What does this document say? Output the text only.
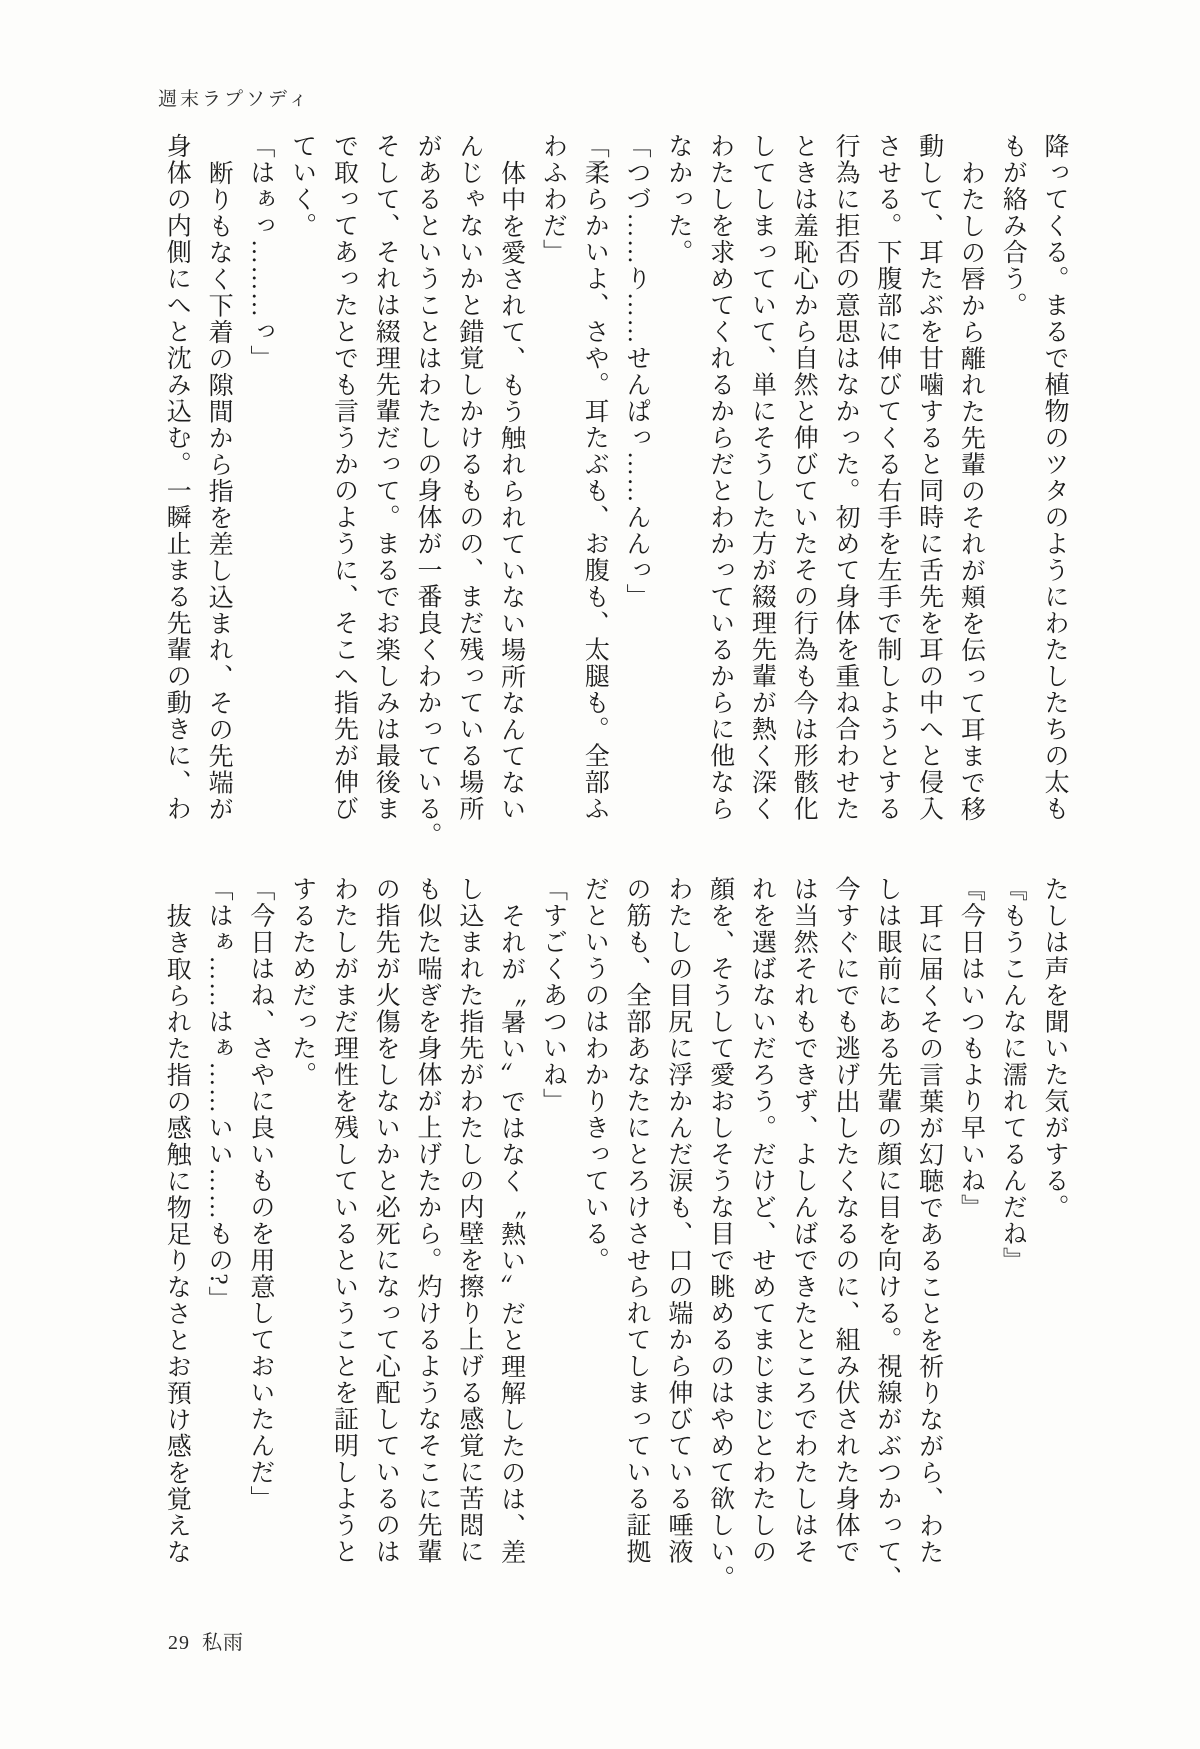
週末ラプソディ
降ってくる。まるで植物のツタのようにわたしたちの太も
もが絡み合う。
わたしの唇から離れた先輩のそれが頬を伝って耳まで移
動して、耳たぶを甘噛すると同時に舌先を耳の中へと侵入
させる。下腹部に伸びてくる右手を左手で制しようとする
行為に拒否の意思はなかった。初めて身体を重ね合わせた
ときは羞恥心から自然と伸びていたその行為も今は形骸化
してしまっていて、単にそうした方が綴理先輩が熱く深く
わたしを求めてくれるからだとわかっているからに他なら
なかった。
「つづ……り……せんぱっ……んんっ」
「柔らかいよ、さや。耳たぶも、お腹も、太腿も。全部ふ
わふわだ」
体中を愛されて、もう触れられていない場所なんてない
んじゃないかと錯覚しかけるものの、まだ残っている場所
があるということはわたしの身体が一番良くわかっている。
そして、それは綴理先輩だって。まるでお楽しみは最後ま
で取ってあったとでも言うかのように、そこへ指先が伸び
ていく。
「はぁっ………っ」
断りもなく下着の隙間から指を差し込まれ、その先端が
身体の内側にへと沈み込む。一瞬止まる先輩の動きに、わ
たしは声を聞いた気がする。
『もうこんなに濡れてるんだね』
『今日はいつもより早いね』
耳に届くその言葉が幻聴であることを祈りながら、わた
しは眼前にある先輩の顔に目を向ける。視線がぶつかって、
今すぐにでも逃げ出したくなるのに、組み伏された身体で
は当然それもできず、よしんばできたところでわたしはそ
れを選ばないだろう。だけど、せめてまじまじとわたしの
顔を、そうして愛おしそうな目で眺めるのはやめて欲しい。
わたしの目尻に浮かんだ涙も、口の端から伸びている唾液
の筋も、全部あなたにとろけさせられてしまっている証拠
だというのはわかりきっている。
「すごくあついね」
それが〝暑い〟ではなく〝熱い〟だと理解したのは、差
し込まれた指先がわたしの内壁を擦り上げる感覚に苦悶に
も似た喘ぎを身体が上げたから。灼けるようなそこに先輩
の指先が火傷をしないかと必死になって心配しているのは
わたしがまだ理性を残しているということを証明しようと
するためだった。
「今日はね、さやに良いものを用意しておいたんだ」
「はぁ……はぁ……いい……もの?」
抜き取られた指の感触に物足りなさとお預け感を覚えな
29 私雨
